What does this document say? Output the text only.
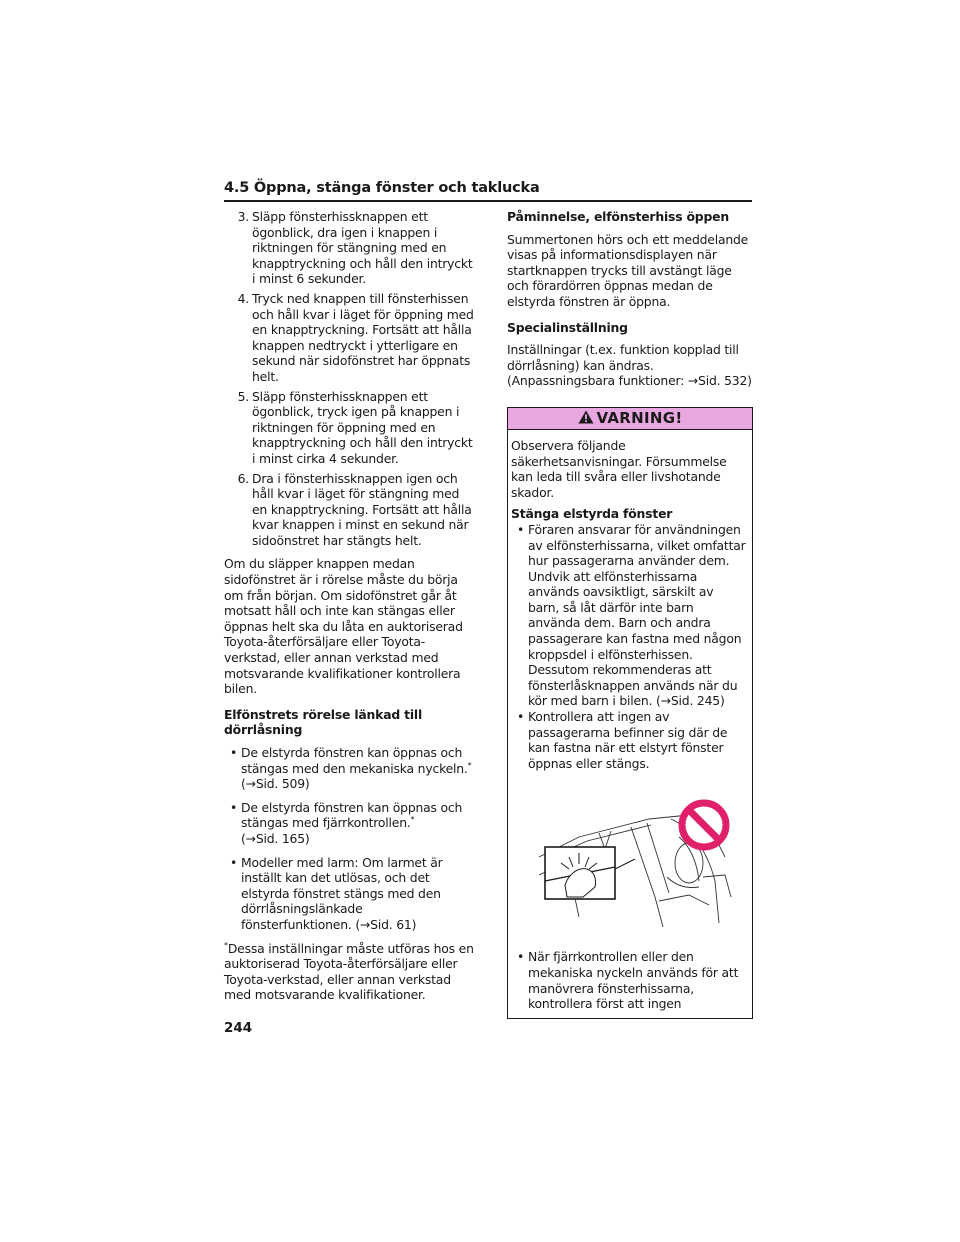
4.5 Öppna, stänga fönster och taklucka
3. Släpp fönsterhissknappen ett ögonblick, dra igen i knappen i riktningen för stängning med en knapptryckning och håll den intryckt i minst 6 sekunder.
4. Tryck ned knappen till fönsterhissen och håll kvar i läget för öppning med en knapptryckning. Fortsätt att hålla knappen nedtryckt i ytterligare en sekund när sidofönstret har öppnats helt.
5. Släpp fönsterhissknappen ett ögonblick, tryck igen på knappen i riktningen för öppning med en knapptryckning och håll den intryckt i minst cirka 4 sekunder.
6. Dra i fönsterhissknappen igen och håll kvar i läget för stängning med en knapptryckning. Fortsätt att hålla kvar knappen i minst en sekund när sidoönstret har stängts helt.

Om du släpper knappen medan sidofönstret är i rörelse måste du börja om från början. Om sidofönstret går åt motsatt håll och inte kan stängas eller öppnas helt ska du låta en auktoriserad Toyota-återförsäljare eller Toyota-verkstad, eller annan verkstad med motsvarande kvalifikationer kontrollera bilen.

Elfönstrets rörelse länkad till dörrlåsning
• De elstyrda fönstren kan öppnas och stängas med den mekaniska nyckeln.*
(→Sid. 509)
• De elstyrda fönstren kan öppnas och stängas med fjärrkontrollen.*
(→Sid. 165)
• Modeller med larm: Om larmet är inställt kan det utlösas, och det elstyrda fönstret stängs med den dörrlåsningslänkade fönsterfunktionen. (→Sid. 61)
*Dessa inställningar måste utföras hos en auktoriserad Toyota-återförsäljare eller Toyota-verkstad, eller annan verkstad med motsvarande kvalifikationer.
Påminnelse, elfönsterhiss öppen

Summertonen hörs och ett meddelande visas på informationsdisplayen när startknappen trycks till avstängt läge och förardörren öppnas medan de elstyrda fönstren är öppna.

Specialinställning

Inställningar (t.ex. funktion kopplad till dörrlåsning) kan ändras. (Anpassningsbara funktioner: →Sid. 532)

VARNING!

Observera följande säkerhetsanvisningar. Försummelse kan leda till svåra eller livshotande skador.

Stänga elstyrda fönster
• Föraren ansvarar för användningen av elfönsterhissarna, vilket omfattar hur passagerarna använder dem. Undvik att elfönsterhissarna används oavsiktligt, särskilt av barn, så låt därför inte barn använda dem. Barn och andra passagerare kan fastna med någon kroppsdel i elfönsterhissen. Dessutom rekommenderas att fönsterlåsknappen används när du kör med barn i bilen. (→Sid. 245)
• Kontrollera att ingen av passagerarna befinner sig där de kan fastna när ett elstyrt fönster öppnas eller stängs.
• När fjärrkontrollen eller den mekaniska nyckeln används för att manövrera fönsterhissarna, kontrollera först att ingen
244
